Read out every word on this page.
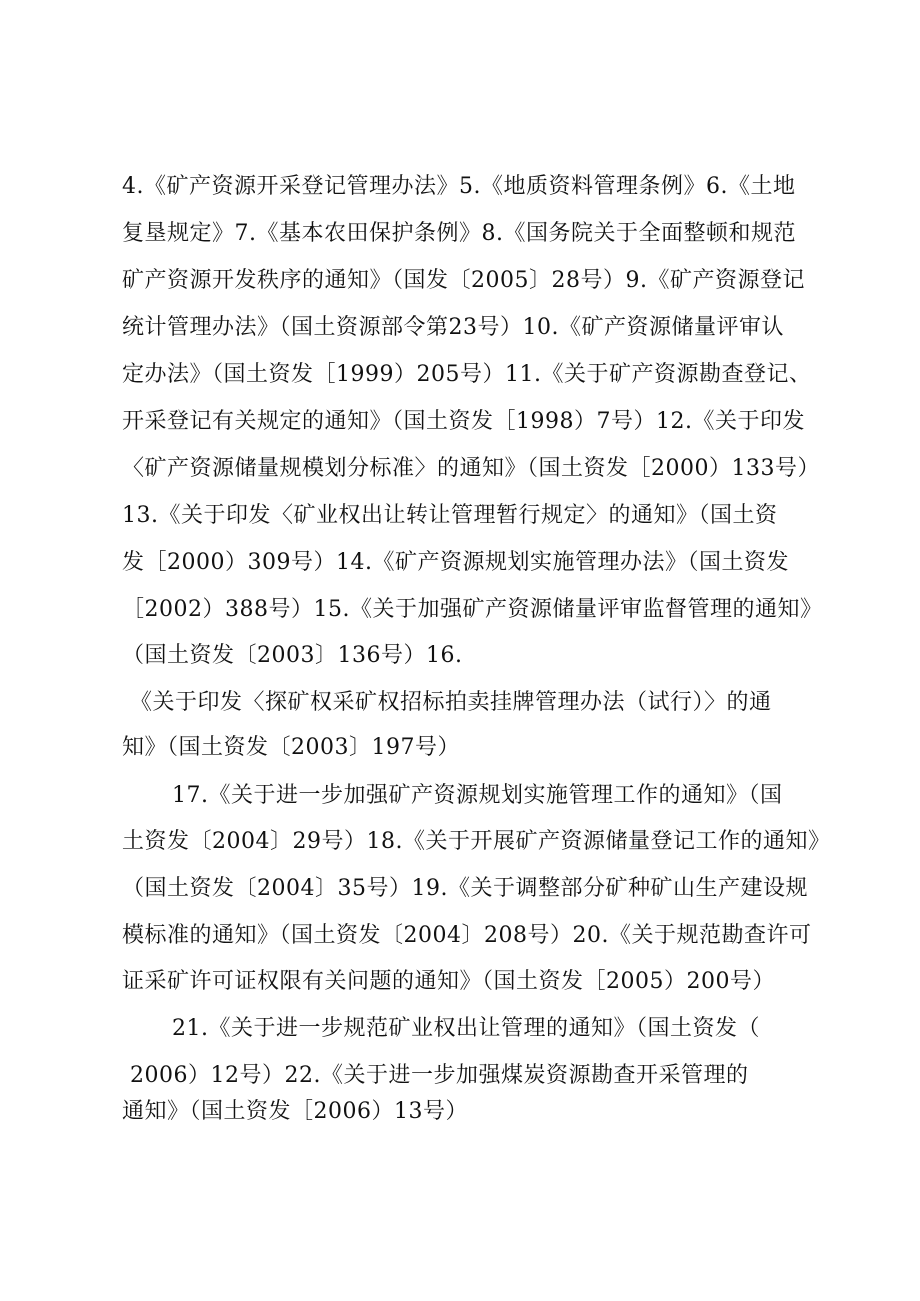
4.《矿产资源开采登记管理办法》5.《地质资料管理条例》6.《土地
复垦规定》7.《基本农田保护条例》8.《国务院关于全面整顿和规范
矿产资源开发秩序的通知》（国发〔2005〕28号）9.《矿产资源登记
统计管理办法》（国土资源部令第23号）10.《矿产资源储量评审认
定办法》（国土资发［1999）205号）11.《关于矿产资源勘查登记、
开采登记有关规定的通知》（国土资发［1998）7号）12.《关于印发
〈矿产资源储量规模划分标准〉的通知》（国土资发［2000）133号）
13.《关于印发〈矿业权出让转让管理暂行规定〉的通知》（国土资
发［2000）309号）14.《矿产资源规划实施管理办法》（国土资发
［2002）388号）15.《关于加强矿产资源储量评审监督管理的通知》
（国土资发〔2003〕136号）16.
《关于印发〈探矿权采矿权招标拍卖挂牌管理办法（试行）〉的通
知》（国土资发〔2003〕197号）
17.《关于进一步加强矿产资源规划实施管理工作的通知》（国
土资发〔2004〕29号）18.《关于开展矿产资源储量登记工作的通知》
（国土资发〔2004〕35号）19.《关于调整部分矿种矿山生产建设规
模标准的通知》（国土资发〔2004〕208号）20.《关于规范勘查许可
证采矿许可证权限有关问题的通知》（国土资发［2005）200号）
21.《关于进一步规范矿业权出让管理的通知》（国土资发（
2006）12号）22.《关于进一步加强煤炭资源勘查开采管理的
通知》（国土资发［2006）13号）
